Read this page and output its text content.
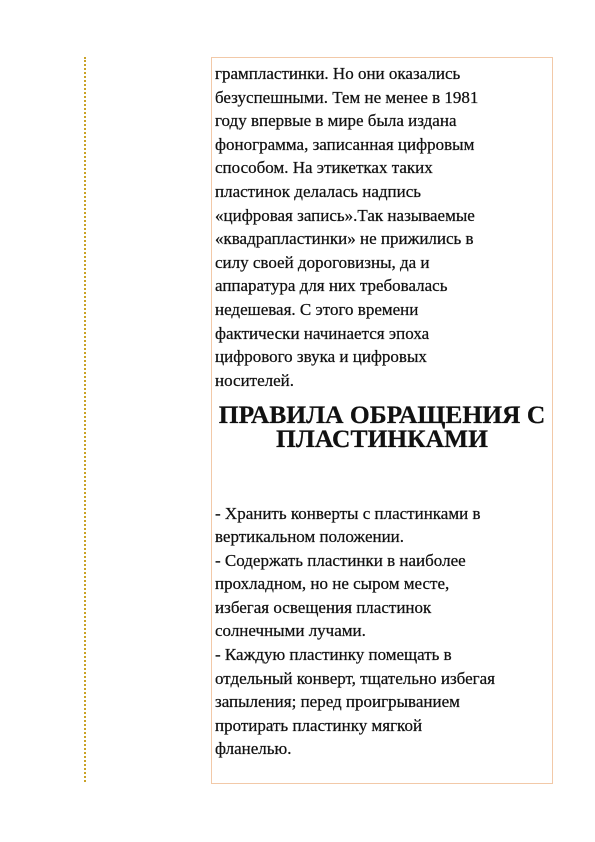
грампластинки. Но они оказались
безуспешными. Тем не менее в 1981
году впервые в мире была издана
фонограмма, записанная цифровым
способом. На этикетках таких
пластинок делалась надпись
«цифровая запись».Так называемые
«квадрапластинки» не прижились в
силу своей дороговизны, да и
аппаратура для них требовалась
недешевая. С этого времени
фактически начинается эпоха
цифрового звука и цифровых
носителей.

ПРАВИЛА ОБРАЩЕНИЯ С
ПЛАСТИНКАМИ

- Хранить конверты с пластинками в
вертикальном положении.

- Содержать пластинки в наиболее
прохладном, но не сыром месте,
избегая освещения пластинок
солнечными лучами.

- Каждую пластинку помещать в
отдельный конверт, тщательно избегая
запыления; перед проигрыванием
протирать пластинку мягкой
фланелью.
